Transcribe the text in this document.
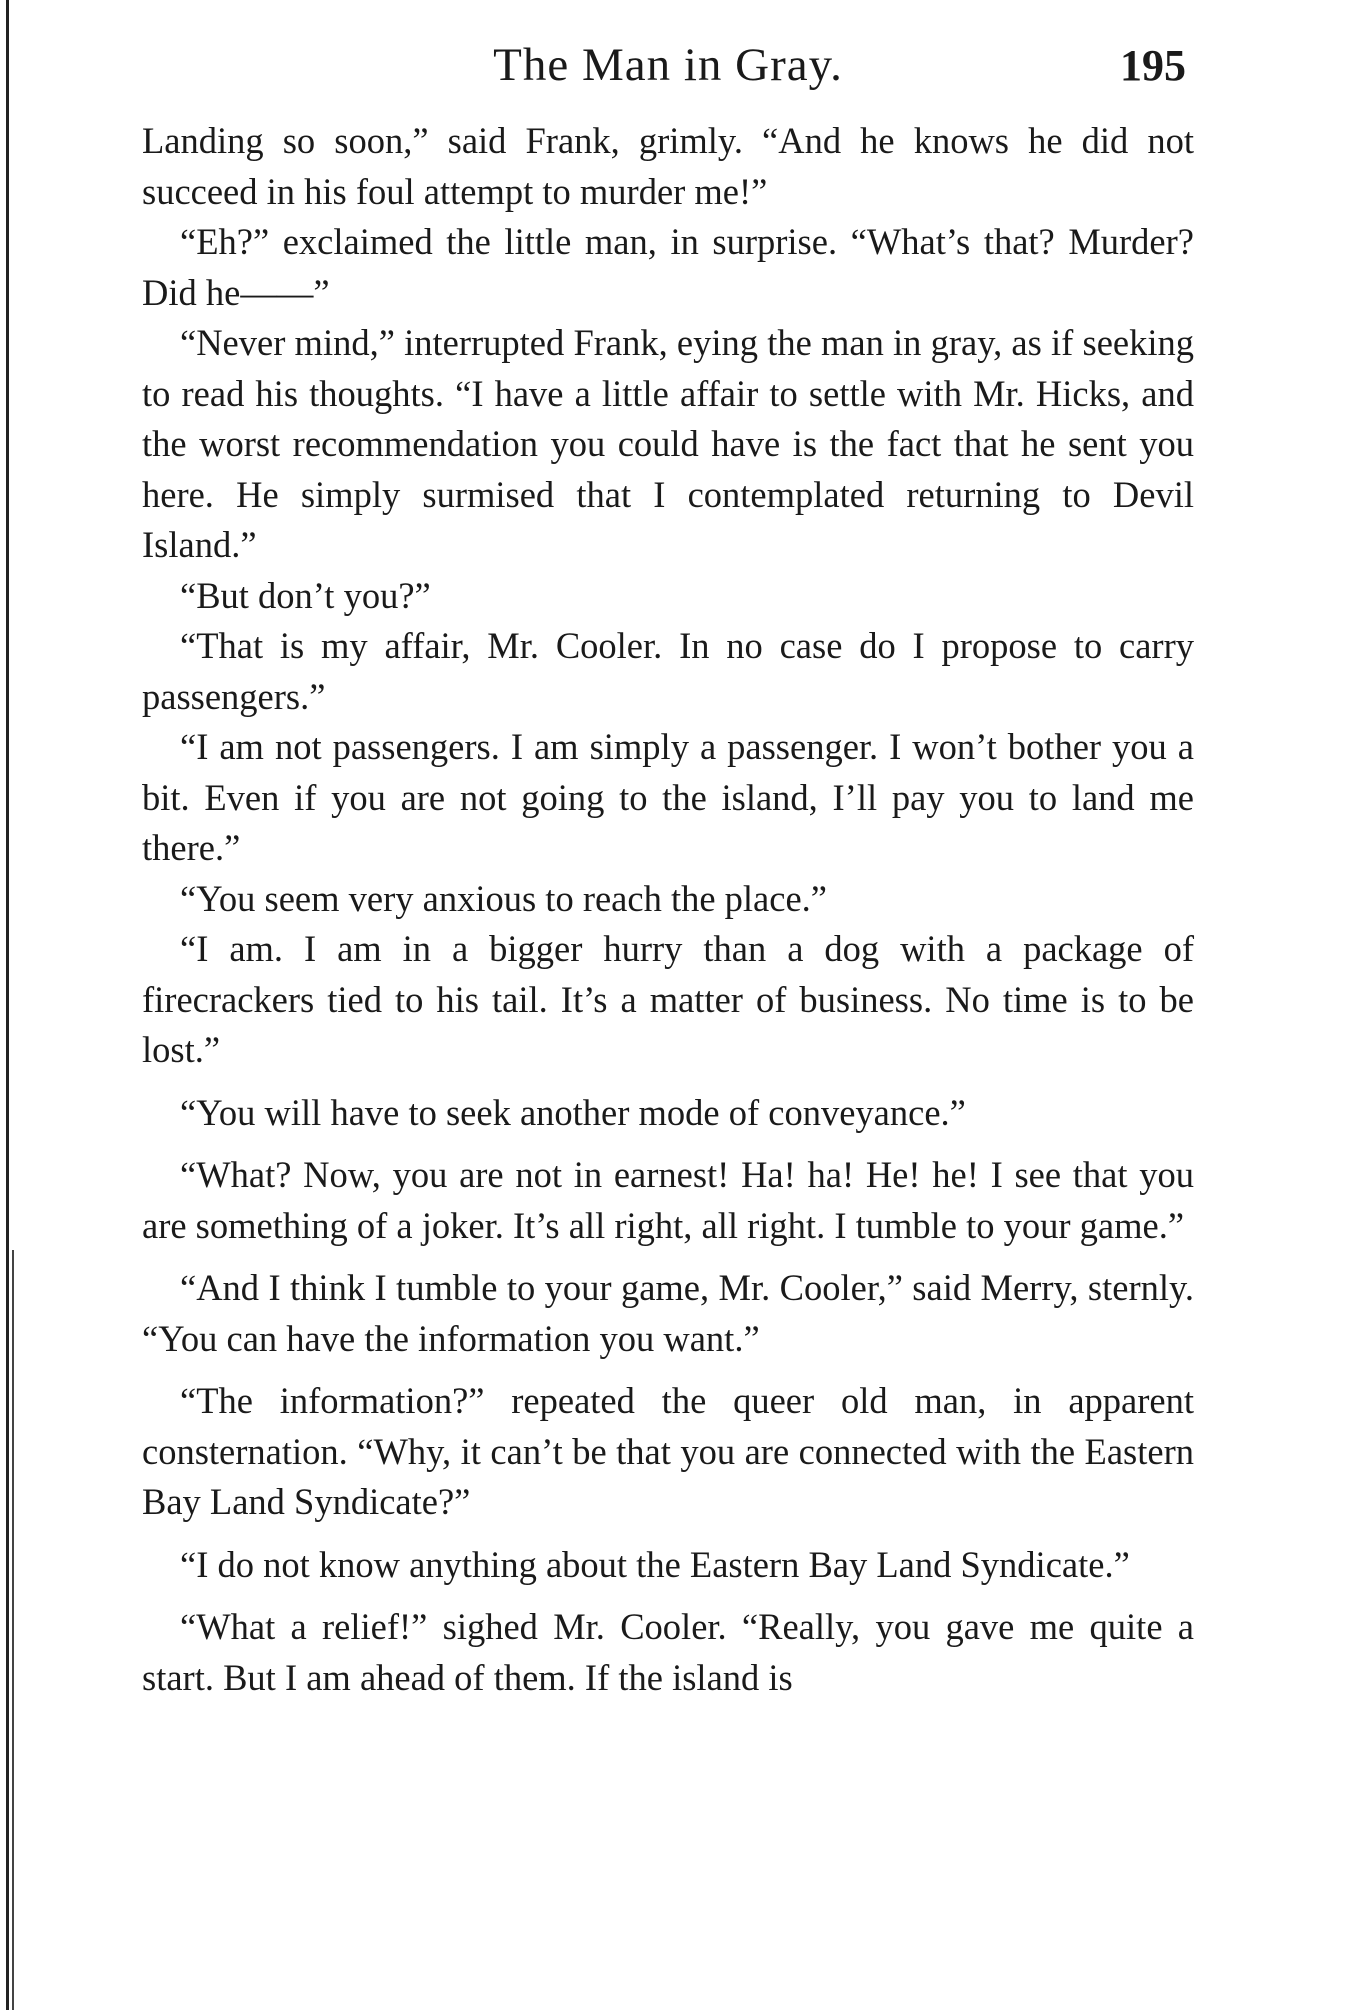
The Man in Gray.	195

Landing so soon,” said Frank, grimly. “And he knows he did not succeed in his foul attempt to murder me!”

“Eh?” exclaimed the little man, in surprise. “What’s that? Murder? Did he——”

“Never mind,” interrupted Frank, eying the man in gray, as if seeking to read his thoughts. “I have a little affair to settle with Mr. Hicks, and the worst recommendation you could have is the fact that he sent you here. He simply surmised that I contemplated returning to Devil Island.”

“But don’t you?”

“That is my affair, Mr. Cooler. In no case do I propose to carry passengers.”

“I am not passengers. I am simply a passenger. I won’t bother you a bit. Even if you are not going to the island, I’ll pay you to land me there.”

“You seem very anxious to reach the place.”

“I am. I am in a bigger hurry than a dog with a package of firecrackers tied to his tail. It’s a matter of business. No time is to be lost.”

“You will have to seek another mode of conveyance.”

“What? Now, you are not in earnest! Ha! ha! He! he! I see that you are something of a joker. It’s all right, all right. I tumble to your game.”

“And I think I tumble to your game, Mr. Cooler,” said Merry, sternly. “You can have the information you want.”

“The information?” repeated the queer old man, in apparent consternation. “Why, it can’t be that you are connected with the Eastern Bay Land Syndicate?”

“I do not know anything about the Eastern Bay Land Syndicate.”

“What a relief!” sighed Mr. Cooler. “Really, you gave me quite a start. But I am ahead of them. If the island is
